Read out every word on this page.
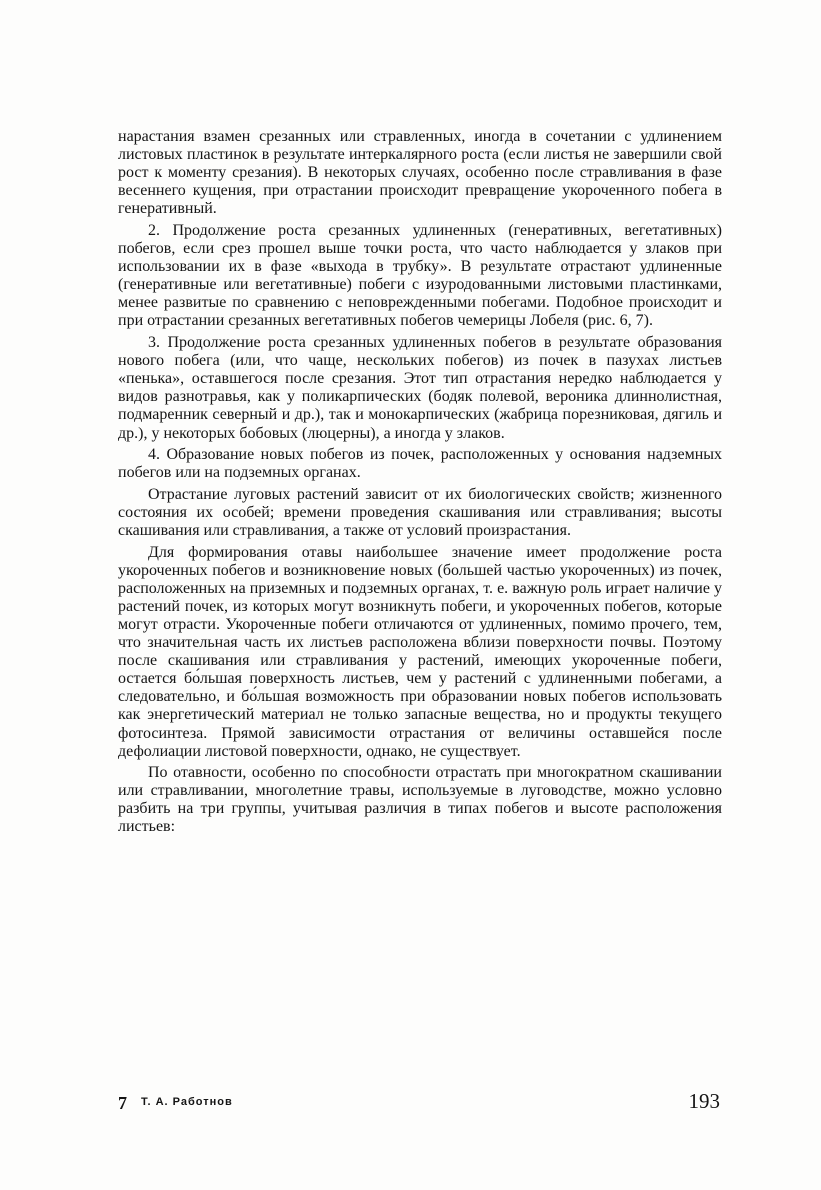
нарастания взамен срезанных или стравленных, иногда в сочетании с удлинением листовых пластинок в результате интеркалярного роста (если листья не завершили свой рост к моменту срезания). В некоторых случаях, особенно после стравливания в фазе весеннего кущения, при отрастании происходит превращение укороченного побега в генеративный.

2. Продолжение роста срезанных удлиненных (генеративных, вегетативных) побегов, если срез прошел выше точки роста, что часто наблюдается у злаков при использовании их в фазе «выхода в трубку». В результате отрастают удлиненные (генеративные или вегетативные) побеги с изуродованными листовыми пластинками, менее развитые по сравнению с неповрежденными побегами. Подобное происходит и при отрастании срезанных вегетативных побегов чемерицы Лобеля (рис. 6, 7).

3. Продолжение роста срезанных удлиненных побегов в результате образования нового побега (или, что чаще, нескольких побегов) из почек в пазухах листьев «пенька», оставшегося после срезания. Этот тип отрастания нередко наблюдается у видов разнотравья, как у поликарпических (бодяк полевой, вероника длиннолистная, подмаренник северный и др.), так и монокарпических (жабрица порезниковая, дягиль и др.), у некоторых бобовых (люцерны), а иногда у злаков.

4. Образование новых побегов из почек, расположенных у основания надземных побегов или на подземных органах.

Отрастание луговых растений зависит от их биологических свойств; жизненного состояния их особей; времени проведения скашивания или стравливания; высоты скашивания или стравливания, а также от условий произрастания.

Для формирования отавы наибольшее значение имеет продолжение роста укороченных побегов и возникновение новых (большей частью укороченных) из почек, расположенных на приземных и подземных органах, т. е. важную роль играет наличие у растений почек, из которых могут возникнуть побеги, и укороченных побегов, которые могут отрасти. Укороченные побеги отличаются от удлиненных, помимо прочего, тем, что значительная часть их листьев расположена вблизи поверхности почвы. Поэтому после скашивания или стравливания у растений, имеющих укороченные побеги, остается бо́льшая поверхность листьев, чем у растений с удлиненными побегами, а следовательно, и бо́льшая возможность при образовании новых побегов использовать как энергетический материал не только запасные вещества, но и продукты текущего фотосинтеза. Прямой зависимости отрастания от величины оставшейся после дефолиации листовой поверхности, однако, не существует.

По отавности, особенно по способности отрастать при многократном скашивании или стравливании, многолетние травы, используемые в луговодстве, можно условно разбить на три группы, учитывая различия в типах побегов и высоте расположения листьев:

7 Т. А. Работнов	193
